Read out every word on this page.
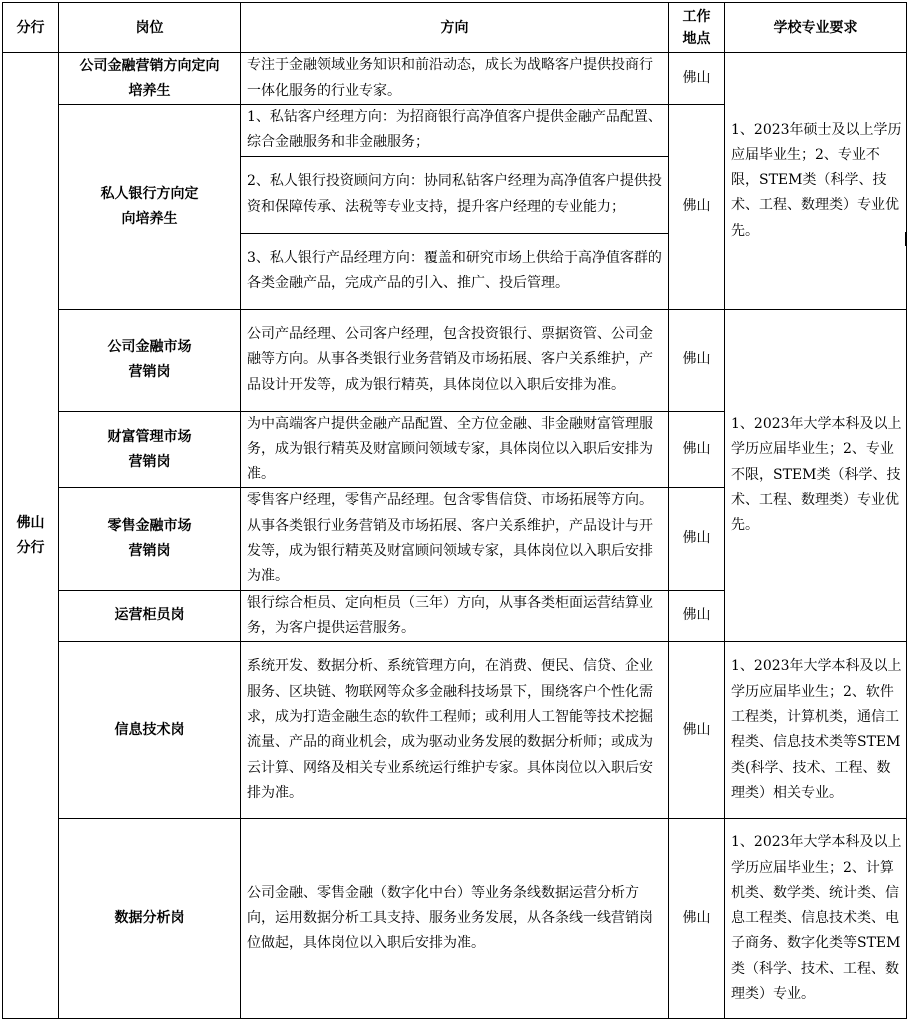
分行	岗位	方向	工作地点	学校专业要求

佛山分行	公司金融营销方向定向培养生	专注于金融领域业务知识和前沿动态，成长为战略客户提供投商行一体化服务的行业专家。	佛山	1、2023年硕士及以上学历应届毕业生；2、专业不限，STEM类（科学、技术、工程、数理类）专业优先。

	私人银行方向定向培养生	1、私钻客户经理方向：为招商银行高净值客户提供金融产品配置、综合金融服务和非金融服务；	佛山	
		2、私人银行投资顾问方向：协同私钻客户经理为高净值客户提供投资和保障传承、法税等专业支持，提升客户经理的专业能力；		
		3、私人银行产品经理方向：覆盖和研究市场上供给于高净值客群的各类金融产品，完成产品的引入、推广、投后管理。		

	公司金融市场营销岗	公司产品经理、公司客户经理，包含投资银行、票据资管、公司金融等方向。从事各类银行业务营销及市场拓展、客户关系维护，产品设计开发等，成为银行精英，具体岗位以入职后安排为准。	佛山	1、2023年大学本科及以上学历应届毕业生；2、专业不限，STEM类（科学、技术、工程、数理类）专业优先。

	财富管理市场营销岗	为中高端客户提供金融产品配置、全方位金融、非金融财富管理服务，成为银行精英及财富顾问领域专家，具体岗位以入职后安排为准。	佛山	

	零售金融市场营销岗	零售客户经理，零售产品经理。包含零售信贷、市场拓展等方向。从事各类银行业务营销及市场拓展、客户关系维护，产品设计与开发等，成为银行精英及财富顾问领域专家，具体岗位以入职后安排为准。	佛山	
	运营柜员岗	银行综合柜员、定向柜员（三年）方向，从事各类柜面运营结算业务，为客户提供运营服务。	佛山	
	信息技术岗	系统开发、数据分析、系统管理方向，在消费、便民、信贷、企业服务、区块链、物联网等众多金融科技场景下，围绕客户个性化需求，成为打造金融生态的软件工程师；或利用人工智能等技术挖掘流量、产品的商业机会，成为驱动业务发展的数据分析师；或成为云计算、网络及相关专业系统运行维护专家。具体岗位以入职后安排为准。	佛山	1、2023年大学本科及以上学历应届毕业生；2、软件工程类，计算机类，通信工程类、信息技术类等STEM类(科学、技术、工程、数理类）相关专业。
	数据分析岗	公司金融、零售金融（数字化中台）等业务条线数据运营分析方向，运用数据分析工具支持、服务业务发展，从各条线一线营销岗位做起，具体岗位以入职后安排为准。	佛山	1、2023年大学本科及以上学历应届毕业生；2、计算机类、数学类、统计类、信息工程类、信息技术类、电子商务、数字化类等STEM类（科学、技术、工程、数理类）专业。
